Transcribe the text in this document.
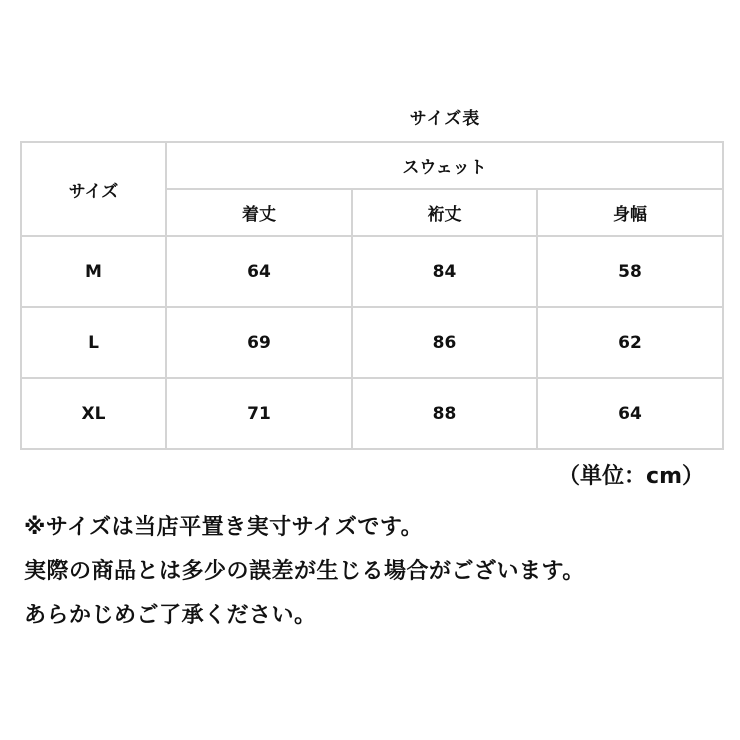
サイズ表
サイズ	スウェット		
	着丈	裄丈	身幅
M	64	84	58
L	69	86	62
XL	71	88	64
（単位：cm）
※サイズは当店平置き実寸サイズです。
実際の商品とは多少の誤差が生じる場合がございます。
あらかじめご了承ください。
